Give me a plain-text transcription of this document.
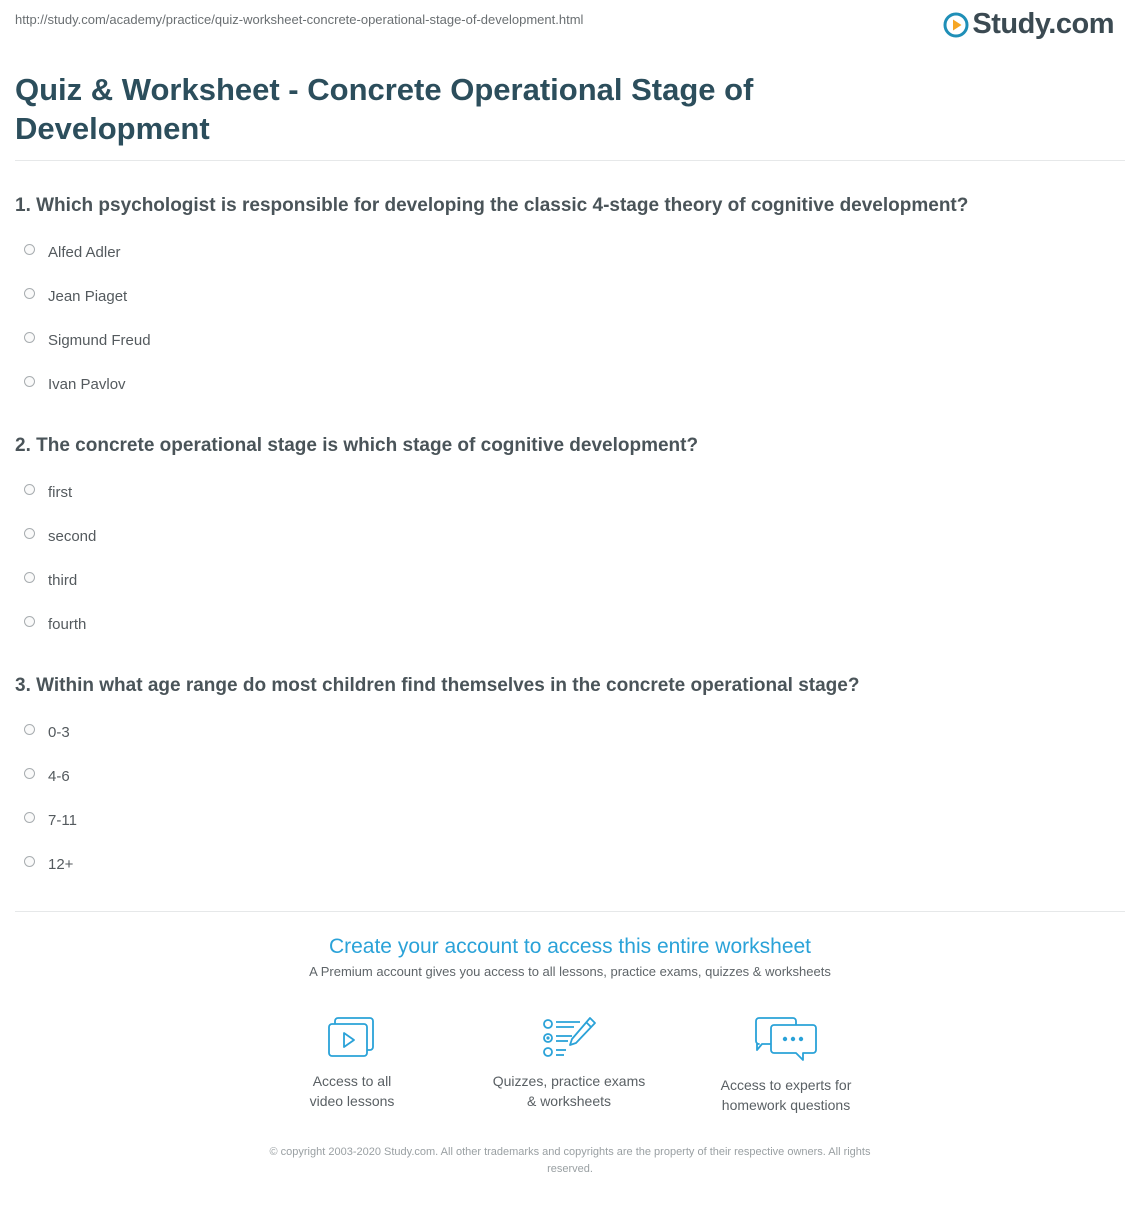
http://study.com/academy/practice/quiz-worksheet-concrete-operational-stage-of-development.html	Study.com
Quiz & Worksheet - Concrete Operational Stage of Development

1. Which psychologist is responsible for developing the classic 4-stage theory of cognitive development?

Alfed Adler
Jean Piaget
Sigmund Freud
Ivan Pavlov

2. The concrete operational stage is which stage of cognitive development?

first
second
third
fourth

3. Within what age range do most children find themselves in the concrete operational stage?

0-3
4-6
7-11
12+

Create your account to access this entire worksheet

A Premium account gives you access to all lessons, practice exams, quizzes & worksheets
Access to all
video lessons
Quizzes, practice exams
& worksheets
Access to experts for
homework questions
© copyright 2003-2020 Study.com. All other trademarks and copyrights are the property of their respective owners. All rights
reserved.
